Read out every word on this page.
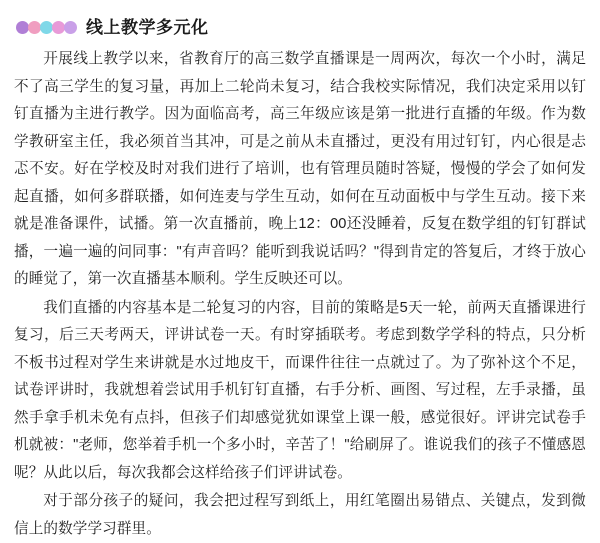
线上教学多元化

开展线上教学以来，省教育厅的高三数学直播课是一周两次，每次一个小时，满足不了高三学生的复习量，再加上二轮尚未复习，结合我校实际情况，我们决定采用以钉钉直播为主进行教学。因为面临高考，高三年级应该是第一批进行直播的年级。作为数学教研室主任，我必须首当其冲，可是之前从未直播过，更没有用过钉钉，内心很是忐忑不安。好在学校及时对我们进行了培训，也有管理员随时答疑，慢慢的学会了如何发起直播，如何多群联播，如何连麦与学生互动，如何在互动面板中与学生互动。接下来就是准备课件，试播。第一次直播前，晚上12：00还没睡着，反复在数学组的钉钉群试播，一遍一遍的问同事："有声音吗？能听到我说话吗？"得到肯定的答复后，才终于放心的睡觉了，第一次直播基本顺利。学生反映还可以。

我们直播的内容基本是二轮复习的内容，目前的策略是5天一轮，前两天直播课进行复习，后三天考两天，评讲试卷一天。有时穿插联考。考虑到数学学科的特点，只分析不板书过程对学生来讲就是水过地皮干，而课件往往一点就过了。为了弥补这个不足，试卷评讲时，我就想着尝试用手机钉钉直播，右手分析、画图、写过程，左手录播，虽然手拿手机未免有点抖，但孩子们却感觉犹如课堂上课一般，感觉很好。评讲完试卷手机就被："老师，您举着手机一个多小时，辛苦了！"给刷屏了。谁说我们的孩子不懂感恩呢？从此以后，每次我都会这样给孩子们评讲试卷。

对于部分孩子的疑问，我会把过程写到纸上，用红笔圈出易错点、关键点，发到微信上的数学学习群里。
